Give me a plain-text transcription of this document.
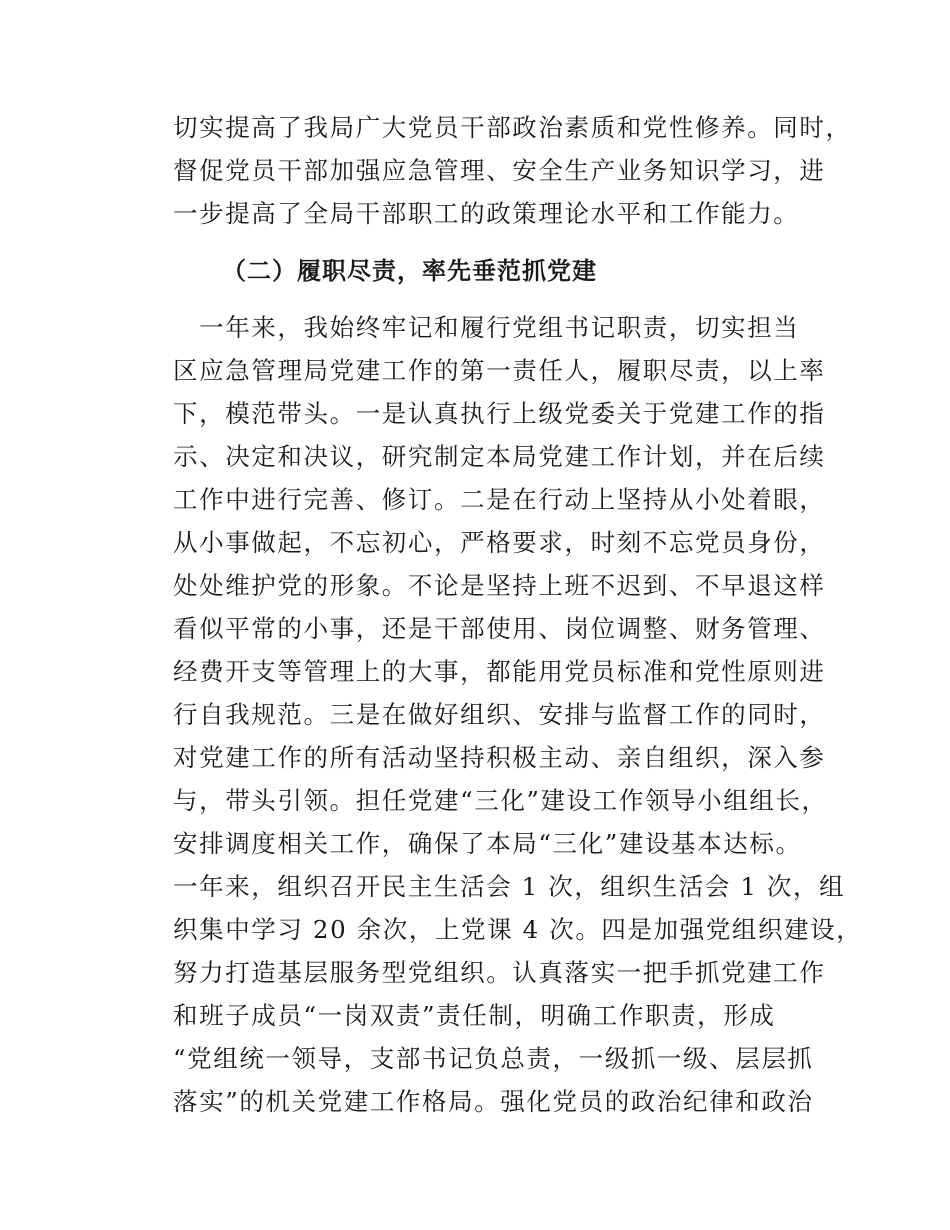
切实提高了我局广大党员干部政治素质和党性修养。同时，
督促党员干部加强应急管理、安全生产业务知识学习，进
一步提高了全局干部职工的政策理论水平和工作能力。
（二）履职尽责，率先垂范抓党建
　一年来，我始终牢记和履行党组书记职责，切实担当
区应急管理局党建工作的第一责任人，履职尽责，以上率
下，模范带头。一是认真执行上级党委关于党建工作的指
示、决定和决议，研究制定本局党建工作计划，并在后续
工作中进行完善、修订。二是在行动上坚持从小处着眼，
从小事做起，不忘初心，严格要求，时刻不忘党员身份，
处处维护党的形象。不论是坚持上班不迟到、不早退这样
看似平常的小事，还是干部使用、岗位调整、财务管理、
经费开支等管理上的大事，都能用党员标准和党性原则进
行自我规范。三是在做好组织、安排与监督工作的同时，
对党建工作的所有活动坚持积极主动、亲自组织，深入参
与，带头引领。担任党建“三化”建设工作领导小组组长，
安排调度相关工作，确保了本局“三化”建设基本达标。
一年来，组织召开民主生活会 1 次，组织生活会 1 次，组
织集中学习 20 余次，上党课 4 次。四是加强党组织建设，
努力打造基层服务型党组织。认真落实一把手抓党建工作
和班子成员“一岗双责”责任制，明确工作职责，形成
“党组统一领导，支部书记负总责，一级抓一级、层层抓
落实”的机关党建工作格局。强化党员的政治纪律和政治
